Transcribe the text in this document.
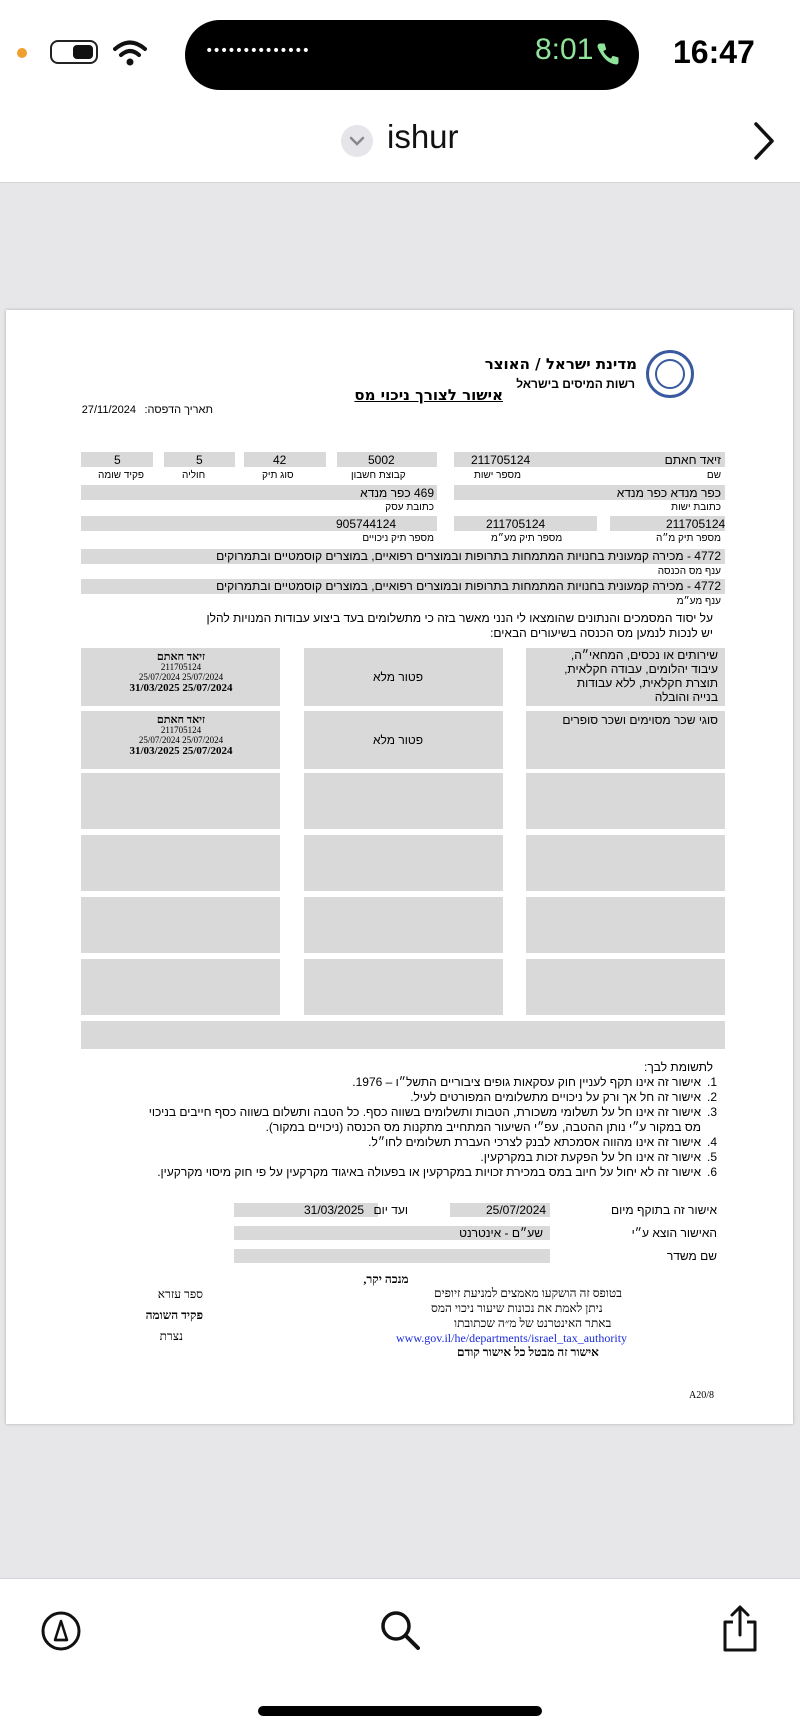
••••••••••••••	8:01 16:47
ishur
מדינת ישראל / האוצר
רשות המיסים בישראל
אישור לצורך ניכוי מס
תאריך הדפסה:
27/11/2024
זיאד חאתם
211705124
5002
42
5
5
שם
מספר ישות
קבוצת חשבון
סוג תיק
חוליה
פקיד שומה
כפר מנדא כפר מנדא
469 כפר מנדא
כתובת ישות
כתובת עסק
211705124
211705124
905744124
מספר תיק מ״ה
מספר תיק מע״מ
מספר תיק ניכויים
4772 - מכירה קמעונית בחנויות המתמחות בתרופות ובמוצרים רפואיים, במוצרים קוסמטיים ובתמרוקים
ענף מס הכנסה
4772 - מכירה קמעונית בחנויות המתמחות בתרופות ובמוצרים רפואיים, במוצרים קוסמטיים ובתמרוקים
ענף מע״מ
על יסוד המסמכים והנתונים שהומצאו לי הנני מאשר בזה כי מתשלומים בעד ביצוע עבודות המנויות להלן
יש לנכות לנמען מס הכנסה בשיעורים הבאים:
שירותים או נכסים, המחאי״ה,
עיבוד יהלומים, עבודה חקלאית,
תוצרת חקלאית, ללא עבודות
בנייה והובלה
פטור מלא
זיאד חאתם
211705124
25/07/2024 25/07/2024
31/03/2025 25/07/2024
סוגי שכר מסוימים ושכר סופרים
פטור מלא
זיאד חאתם
211705124
25/07/2024 25/07/2024
31/03/2025 25/07/2024
לתשומת לבך:
.1
אישור זה אינו תקף לעניין חוק עסקאות גופים ציבוריים התשל״ו – 1976.
.2
אישור זה חל אך ורק על ניכויים מתשלומים המפורטים לעיל.
.3
אישור זה אינו חל על תשלומי משכורת, הטבות ותשלומים בשווה כסף. כל הטבה ותשלום בשווה כסף חייבים בניכוי
מס במקור ע״י נותן ההטבה, עפ״י השיעור המתחייב מתקנות מס הכנסה (ניכויים במקור).
.4
אישור זה אינו מהווה אסמכתא לבנק לצרכי העברת תשלומים לחו״ל.
.5
אישור זה אינו חל על הפקעת זכות במקרקעין.
.6
אישור זה לא יחול על חיוב במס במכירת זכויות במקרקעין או בפעולה באיגוד מקרקעין על פי חוק מיסוי מקרקעין.
אישור זה בתוקף מיום
25/07/2024
ועד יום
31/03/2025
האישור הוצא ע״י
שע״ם - אינטרנט
שם משדר
ספר עזרא
פקיד השומה
נצרת
מנכה יקר,
בטופס זה הושקעו מאמצים למניעת זיופים
ניתן לאמת את נכונות שיעור ניכוי המס
באתר האינטרנט של מ״ה שכתובתו
www.gov.il/he/departments/israel_tax_authority
אישור זה מבטל כל אישור קודם
A20/8
